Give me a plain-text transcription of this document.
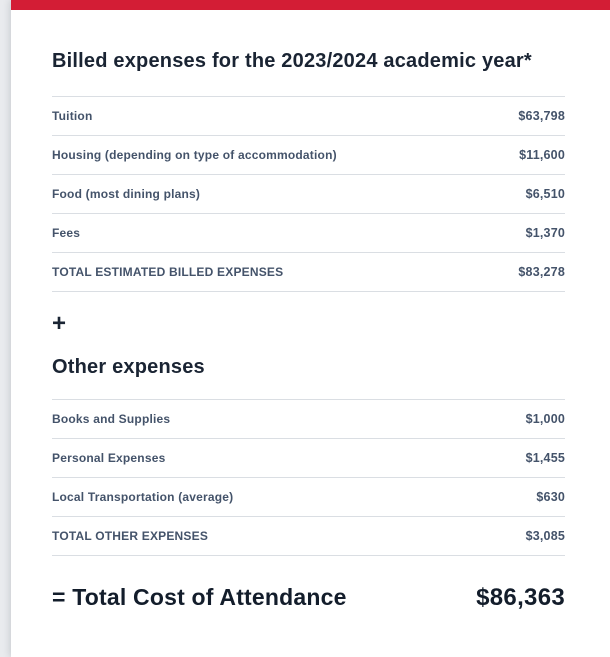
Billed expenses for the 2023/2024 academic year*
Tuition	$63,798
Housing (depending on type of accommodation)	$11,600
Food (most dining plans)	$6,510
Fees	$1,370
TOTAL ESTIMATED BILLED EXPENSES	$83,278
+
Other expenses
Books and Supplies	$1,000
Personal Expenses	$1,455
Local Transportation (average)	$630
TOTAL OTHER EXPENSES	$3,085
= Total Cost of Attendance	$86,363
